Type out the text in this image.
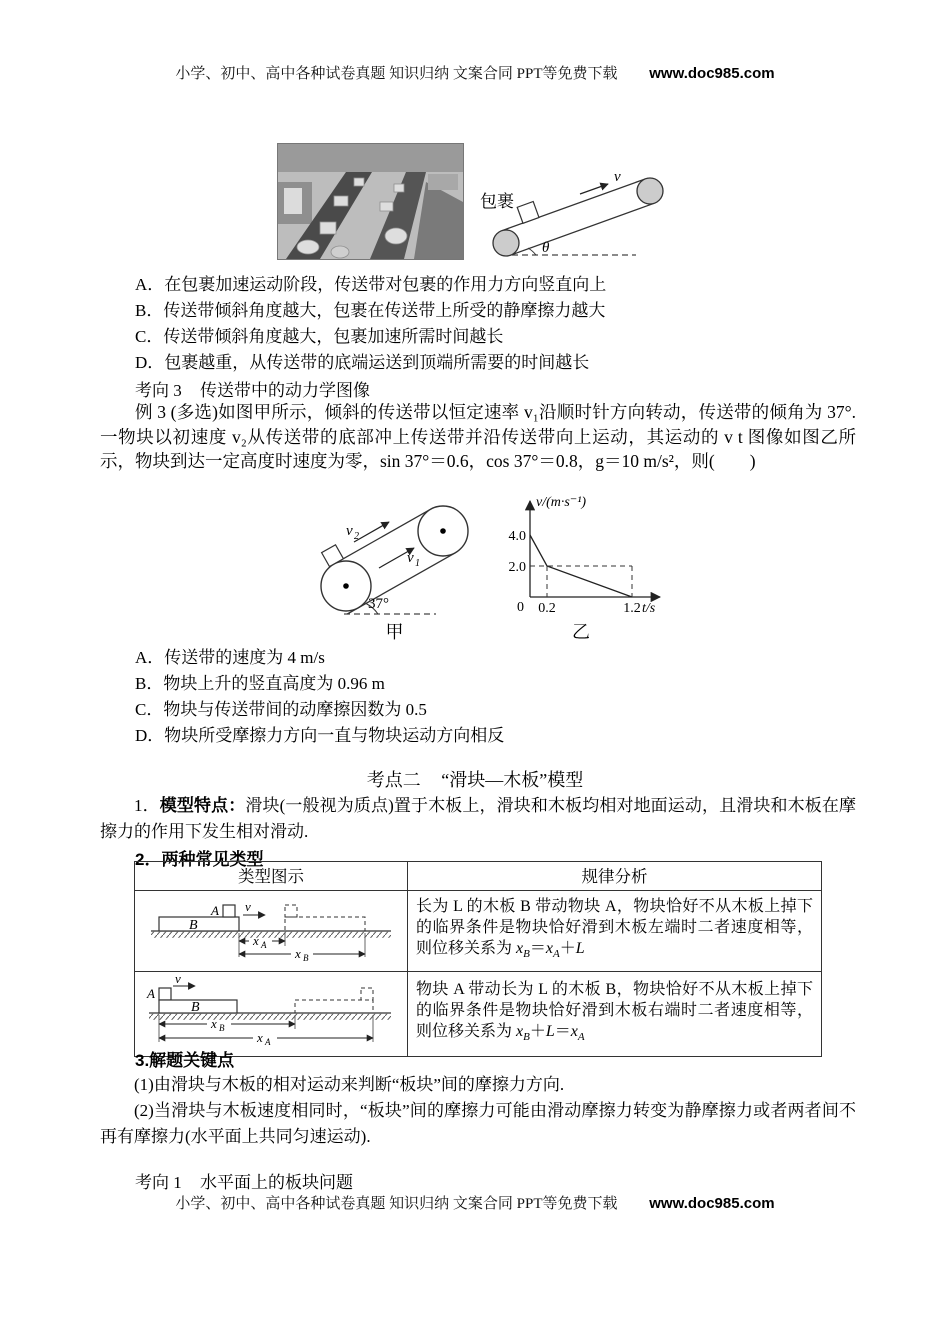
小学、初中、高中各种试卷真题 知识归纳 文案合同 PPT等免费下载 www.doc985.com
包裹
v
θ
A．在包裹加速运动阶段，传送带对包裹的作用力方向竖直向上
B．传送带倾斜角度越大，包裹在传送带上所受的静摩擦力越大
C．传送带倾斜角度越大，包裹加速所需时间越长
D．包裹越重，从传送带的底端运送到顶端所需要的时间越长
考向 3 传送带中的动力学图像

例 3 (多选)如图甲所示，倾斜的传送带以恒定速率 v₁沿顺时针方向转动，传送带的倾角为 37°.一物块以初速度 v₂从传送带的底部冲上传送带并沿传送带向上运动，其运动的 v t 图像如图乙所示，物块到达一定高度时速度为零，sin 37°＝0.6，cos 37°＝0.8，g＝10 m/s²，则(　　)

v 2
v 1
37°
v/(m·s⁻¹)
4.0
2.0
0 0.2	1.2 t/s
甲	乙
A．传送带的速度为 4 m/s
B．物块上升的竖直高度为 0.96 m
C．物块与传送带间的动摩擦因数为 0.5
D．物块所受摩擦力方向一直与物块运动方向相反
考点二 “滑块—木板”模型

1．模型特点：滑块(一般视为质点)置于木板上，滑块和木板均相对地面运动，且滑块和木板在摩擦力的作用下发生相对滑动.

2．两种常见类型
类型图示	规律分析

B
A v
x A
x B
	长为 L 的木板 B 带动物块 A，物块恰好不从木板上掉下的临界条件是物块恰好滑到木板左端时二者速度相等，则位移关系为 $x_B=x_A+L$

A
v
B
x B
x A
	物块 A 带动长为 L 的木板 B，物块恰好不从木板上掉下的临界条件是物块恰好滑到木板右端时二者速度相等，则位移关系为 $x_B+L=x_A$
3.解题关键点

(1)由滑块与木板的相对运动来判断“板块”间的摩擦力方向.

(2)当滑块与木板速度相同时，“板块”间的摩擦力可能由滑动摩擦力转变为静摩擦力或者两者间不再有摩擦力(水平面上共同匀速运动).

考向 1 水平面上的板块问题
小学、初中、高中各种试卷真题 知识归纳 文案合同 PPT等免费下载 www.doc985.com
